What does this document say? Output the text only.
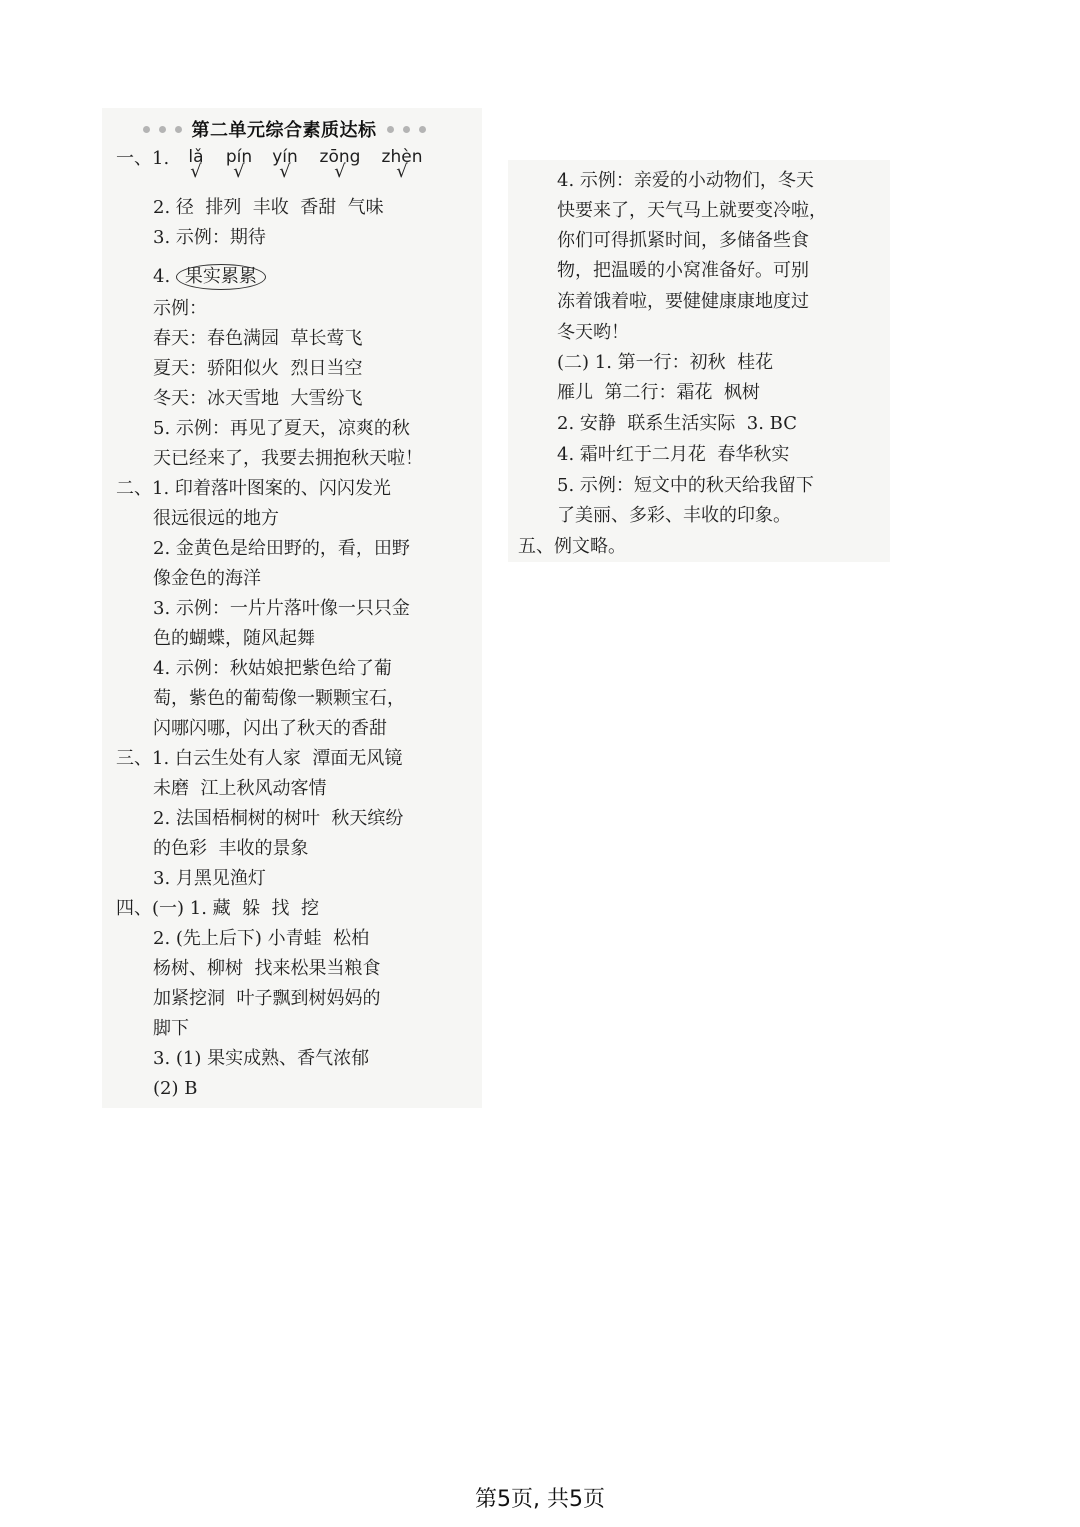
第二单元综合素质达标
一、1.	lǎ
√
pín
√
yín
√
zōng
√
zhèn
√
2. 径  排列  丰收  香甜  气味
3. 示例：期待
4. 果实累累
示例：
春天：春色满园  草长莺飞
夏天：骄阳似火  烈日当空
冬天：冰天雪地  大雪纷飞
5. 示例：再见了夏天，凉爽的秋
天已经来了，我要去拥抱秋天啦！
二、1. 印着落叶图案的、闪闪发光
很远很远的地方
2. 金黄色是给田野的，看，田野
像金色的海洋
3. 示例：一片片落叶像一只只金
色的蝴蝶，随风起舞
4. 示例：秋姑娘把紫色给了葡
萄，紫色的葡萄像一颗颗宝石，
闪哪闪哪，闪出了秋天的香甜
三、1. 白云生处有人家  潭面无风镜
未磨  江上秋风动客情
2. 法国梧桐树的树叶  秋天缤纷
的色彩  丰收的景象
3. 月黑见渔灯
四、(一) 1. 藏  躲  找  挖
2. (先上后下) 小青蛙  松柏
杨树、柳树  找来松果当粮食
加紧挖洞  叶子飘到树妈妈的
脚下
3. (1) 果实成熟、香气浓郁
(2) B
4. 示例：亲爱的小动物们，冬天
快要来了，天气马上就要变冷啦，
你们可得抓紧时间，多储备些食
物，把温暖的小窝准备好。可别
冻着饿着啦，要健健康康地度过
冬天哟！
(二) 1. 第一行：初秋  桂花
雁儿  第二行：霜花  枫树
2. 安静  联系生活实际  3. BC
4. 霜叶红于二月花  春华秋实
5. 示例：短文中的秋天给我留下
了美丽、多彩、丰收的印象。
五、例文略。
第5页, 共5页
